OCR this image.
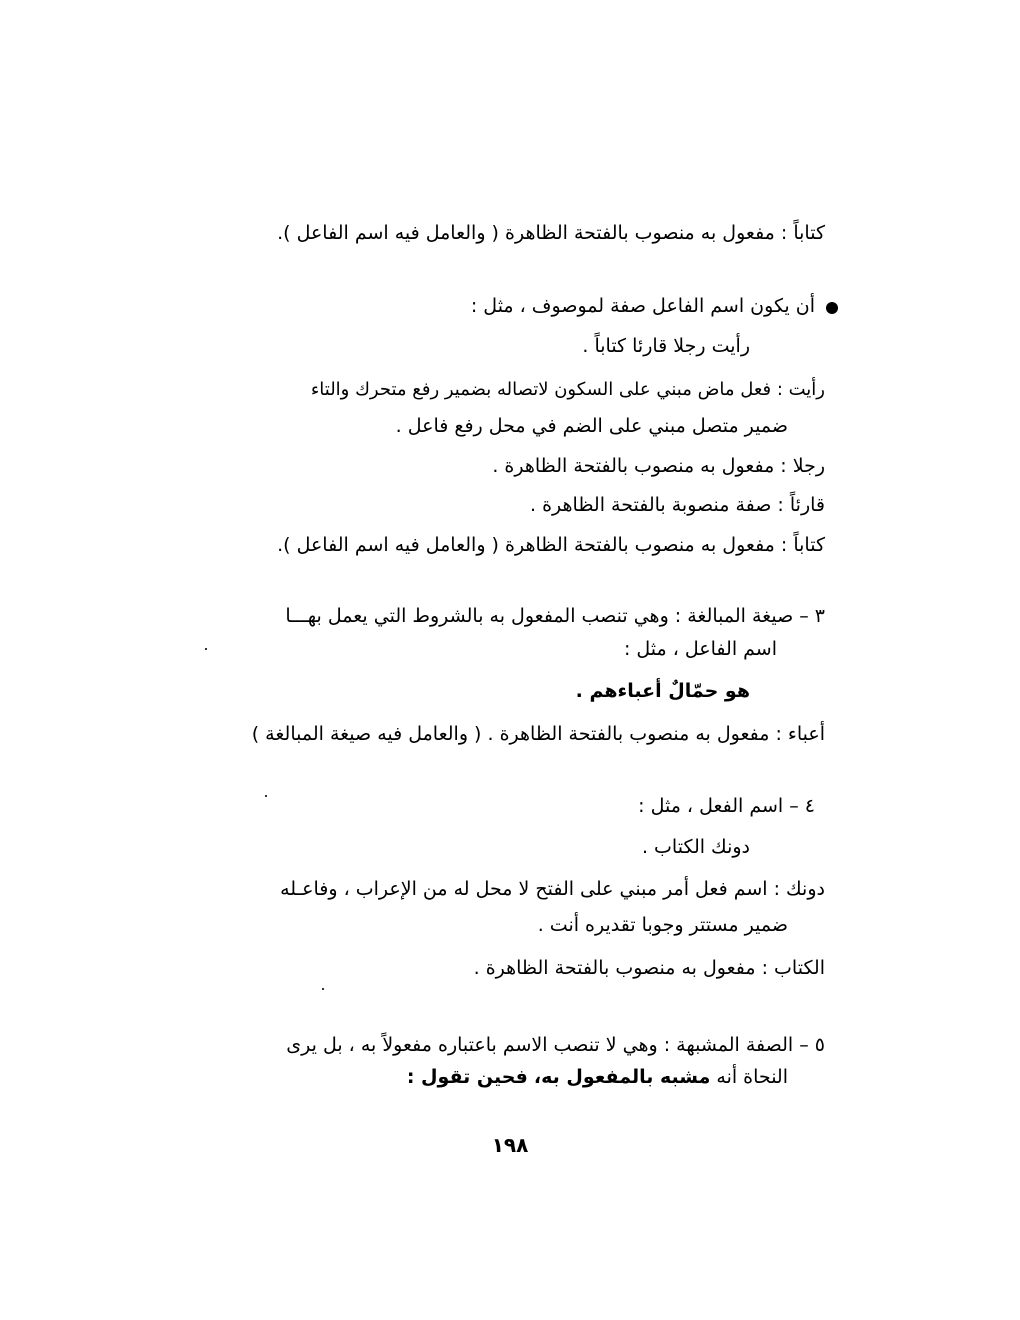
كتاباً : مفعول به منصوب بالفتحة الظاهرة ( والعامل فيه اسم الفاعل ).
أن يكون اسم الفاعل صفة لموصوف ، مثل :
رأيت رجلا قارئا كتاباً .
رأيت : فعل ماض مبني على السكون لاتصاله بضمير رفع متحرك والتاء
ضمير متصل مبني على الضم في محل رفع فاعل .
رجلا : مفعول به منصوب بالفتحة الظاهرة .
قارئاً : صفة منصوبة بالفتحة الظاهرة .
كتاباً : مفعول به منصوب بالفتحة الظاهرة ( والعامل فيه اسم الفاعل ).
٣ – صيغة المبالغة : وهي تنصب المفعول به بالشروط التي يعمل بهـــا
اسم الفاعل ، مثل :
هو حمّالٌ أعباءهم .
أعباء : مفعول به منصوب بالفتحة الظاهرة . ( والعامل فيه صيغة المبالغة )
٤ – اسم الفعل ، مثل :
دونك الكتاب .
دونك : اسم فعل أمر مبني على الفتح لا محل له من الإعراب ، وفاعـله
ضمير مستتر وجوبا تقديره أنت .
الكتاب : مفعول به منصوب بالفتحة الظاهرة .
٥ – الصفة المشبهة : وهي لا تنصب الاسم باعتباره مفعولاً به ، بل يرى
النحاة أنه مشبه بالمفعول به، فحين تقول :
١٩٨
